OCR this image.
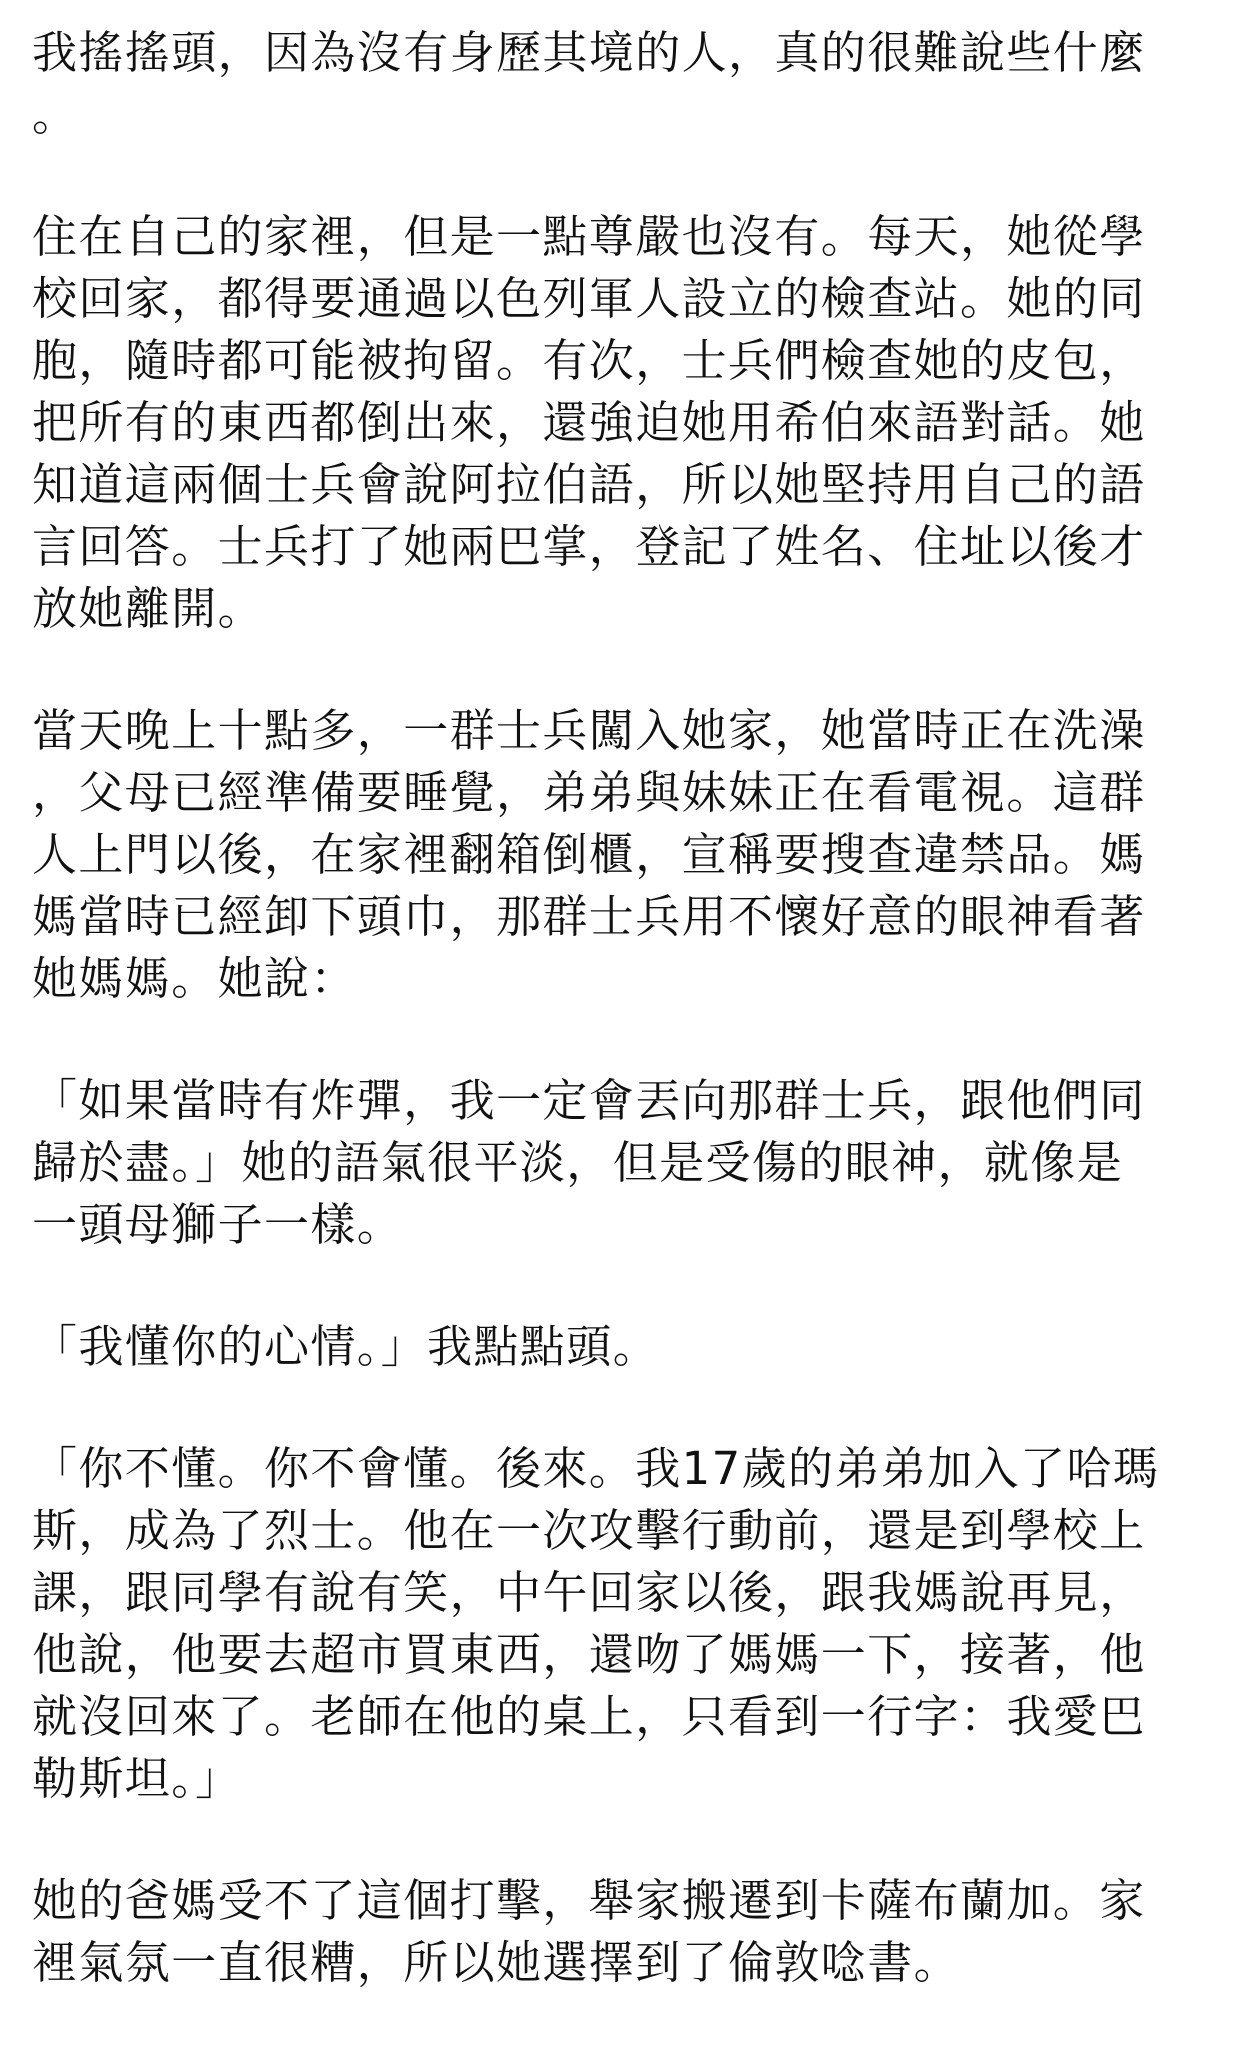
我搖搖頭，因為沒有身歷其境的人，真的很難說些什麼
。

住在自己的家裡，但是一點尊嚴也沒有。每天，她從學
校回家，都得要通過以色列軍人設立的檢查站。她的同
胞，隨時都可能被拘留。有次，士兵們檢查她的皮包，
把所有的東西都倒出來，還強迫她用希伯來語對話。她
知道這兩個士兵會說阿拉伯語，所以她堅持用自己的語
言回答。士兵打了她兩巴掌，登記了姓名、住址以後才
放她離開。

當天晚上十點多，一群士兵闖入她家，她當時正在洗澡
，父母已經準備要睡覺，弟弟與妹妹正在看電視。這群
人上門以後，在家裡翻箱倒櫃，宣稱要搜查違禁品。媽
媽當時已經卸下頭巾，那群士兵用不懷好意的眼神看著
她媽媽。她說：

「如果當時有炸彈，我一定會丟向那群士兵，跟他們同
歸於盡。」她的語氣很平淡，但是受傷的眼神，就像是
一頭母獅子一樣。

「我懂你的心情。」我點點頭。

「你不懂。你不會懂。後來。我17歲的弟弟加入了哈瑪
斯，成為了烈士。他在一次攻擊行動前，還是到學校上
課，跟同學有說有笑，中午回家以後，跟我媽說再見，
他說，他要去超市買東西，還吻了媽媽一下，接著，他
就沒回來了。老師在他的桌上，只看到一行字：我愛巴
勒斯坦。」

她的爸媽受不了這個打擊，舉家搬遷到卡薩布蘭加。家
裡氣氛一直很糟，所以她選擇到了倫敦唸書。
